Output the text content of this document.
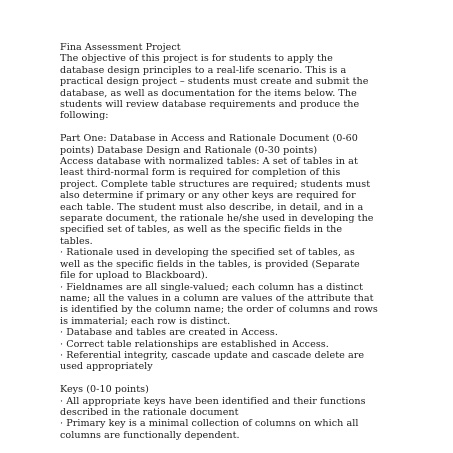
Fina Assessment Project
The objective of this project is for students to apply the
database design principles to a real-life scenario. This is a
practical design project – students must create and submit the
database, as well as documentation for the items below. The
students will review database requirements and produce the
following:
Part One: Database in Access and Rationale Document (0-60
points) Database Design and Rationale (0-30 points)
Access database with normalized tables: A set of tables in at
least third-normal form is required for completion of this
project. Complete table structures are required; students must
also determine if primary or any other keys are required for
each table. The student must also describe, in detail, and in a
separate document, the rationale he/she used in developing the
specified set of tables, as well as the specific fields in the
tables.
· Rationale used in developing the specified set of tables, as
well as the specific fields in the tables, is provided (Separate
file for upload to Blackboard).
· Fieldnames are all single-valued; each column has a distinct
name; all the values in a column are values of the attribute that
is identified by the column name; the order of columns and rows
is immaterial; each row is distinct.
· Database and tables are created in Access.
· Correct table relationships are established in Access.
· Referential integrity, cascade update and cascade delete are
used appropriately
Keys (0-10 points)
· All appropriate keys have been identified and their functions
described in the rationale document
· Primary key is a minimal collection of columns on which all
columns are functionally dependent.
